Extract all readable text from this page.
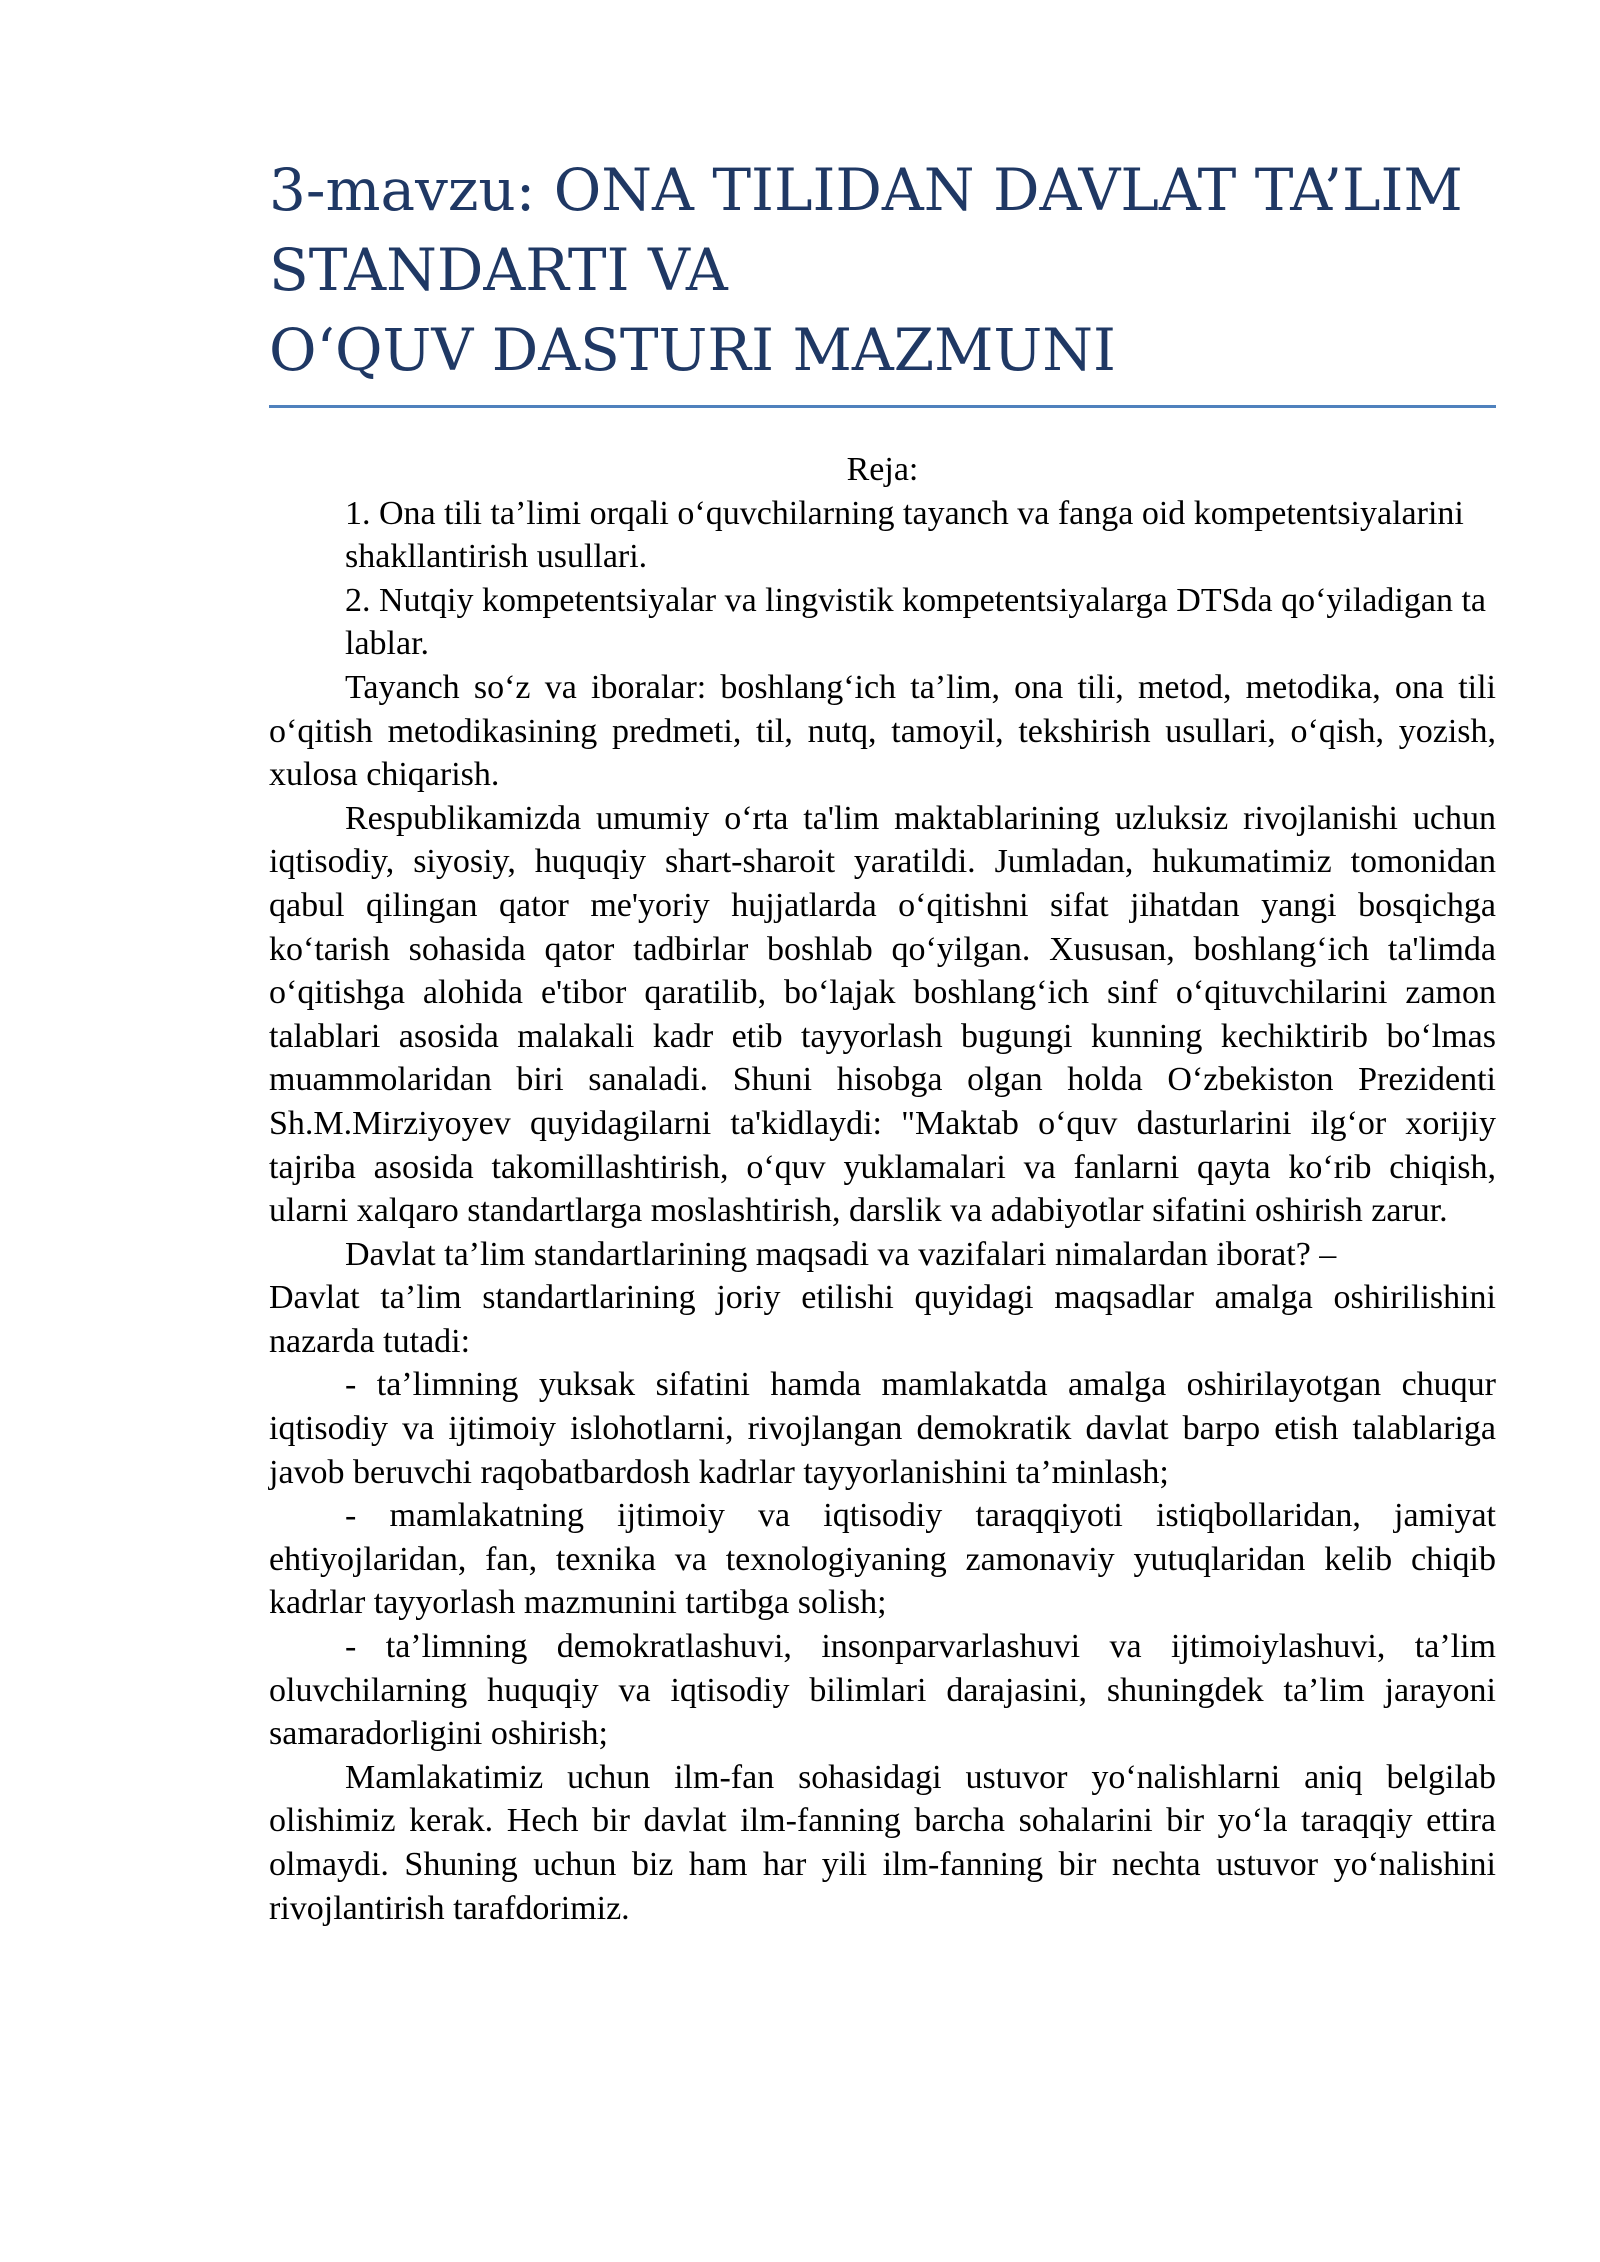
3-mavzu: ONA TILIDAN DAVLAT TA’LIM
STANDARTI VA
O‘QUV DASTURI MAZMUNI

Reja:

1. Ona tili ta’limi orqali o‘quvchilarning tayanch va fanga oid kompetentsiyalarini

shakllantirish usullari.

2. Nutqiy kompetentsiyalar va lingvistik kompetentsiyalarga DTSda qo‘yiladigan ta

lablar.

Tayanch so‘z va iboralar: boshlang‘ich ta’lim, ona tili, metod, metodika, ona tili o‘qitish metodikasining predmeti, til, nutq, tamoyil, tekshirish usullari, o‘qish, yozish, xulosa chiqarish.

Respublikamizda umumiy o‘rta ta'lim maktablarining uzluksiz rivojlanishi uchun iqtisodiy, siyosiy, huquqiy shart-sharoit yaratildi. Jumladan, hukumatimiz tomonidan qabul qilingan qator me'yoriy hujjatlarda o‘qitishni sifat jihatdan yangi bosqichga ko‘tarish sohasida qator tadbirlar boshlab qo‘yilgan. Xususan, boshlang‘ich ta'limda o‘qitishga alohida e'tibor qaratilib, bo‘lajak boshlang‘ich sinf o‘qituvchilarini zamon talablari asosida malakali kadr etib tayyorlash bugungi kunning kechiktirib bo‘lmas muammolaridan biri sanaladi. Shuni hisobga olgan holda O‘zbekiston Prezidenti Sh.M.Mirziyoyev quyidagilarni ta'kidlaydi: "Maktab o‘quv dasturlarini ilg‘or xorijiy tajriba asosida takomillashtirish, o‘quv yuklamalari va fanlarni qayta ko‘rib chiqish, ularni xalqaro standartlarga moslashtirish, darslik va adabiyotlar sifatini oshirish zarur.

Davlat ta’lim standartlarining maqsadi va vazifalari nimalardan iborat? –

Davlat ta’lim standartlarining joriy etilishi quyidagi maqsadlar amalga oshirilishini nazarda tutadi:

- ta’limning yuksak sifatini hamda mamlakatda amalga oshirilayotgan chuqur iqtisodiy va ijtimoiy islohotlarni, rivojlangan demokratik davlat barpo etish talablariga javob beruvchi raqobatbardosh kadrlar tayyorlanishini ta’minlash;

- mamlakatning ijtimoiy va iqtisodiy taraqqiyoti istiqbollaridan, jamiyat ehtiyojlaridan, fan, texnika va texnologiyaning zamonaviy yutuqlaridan kelib chiqib kadrlar tayyorlash mazmunini tartibga solish;

- ta’limning demokratlashuvi, insonparvarlashuvi va ijtimoiylashuvi, ta’lim oluvchilarning huquqiy va iqtisodiy bilimlari darajasini, shuningdek ta’lim jarayoni samaradorligini oshirish;

Mamlakatimiz uchun ilm-fan sohasidagi ustuvor yo‘nalishlarni aniq belgilab olishimiz kerak. Hech bir davlat ilm-fanning barcha sohalarini bir yo‘la taraqqiy ettira olmaydi. Shuning uchun biz ham har yili ilm-fanning bir nechta ustuvor yo‘nalishini rivojlantirish tarafdorimiz.
